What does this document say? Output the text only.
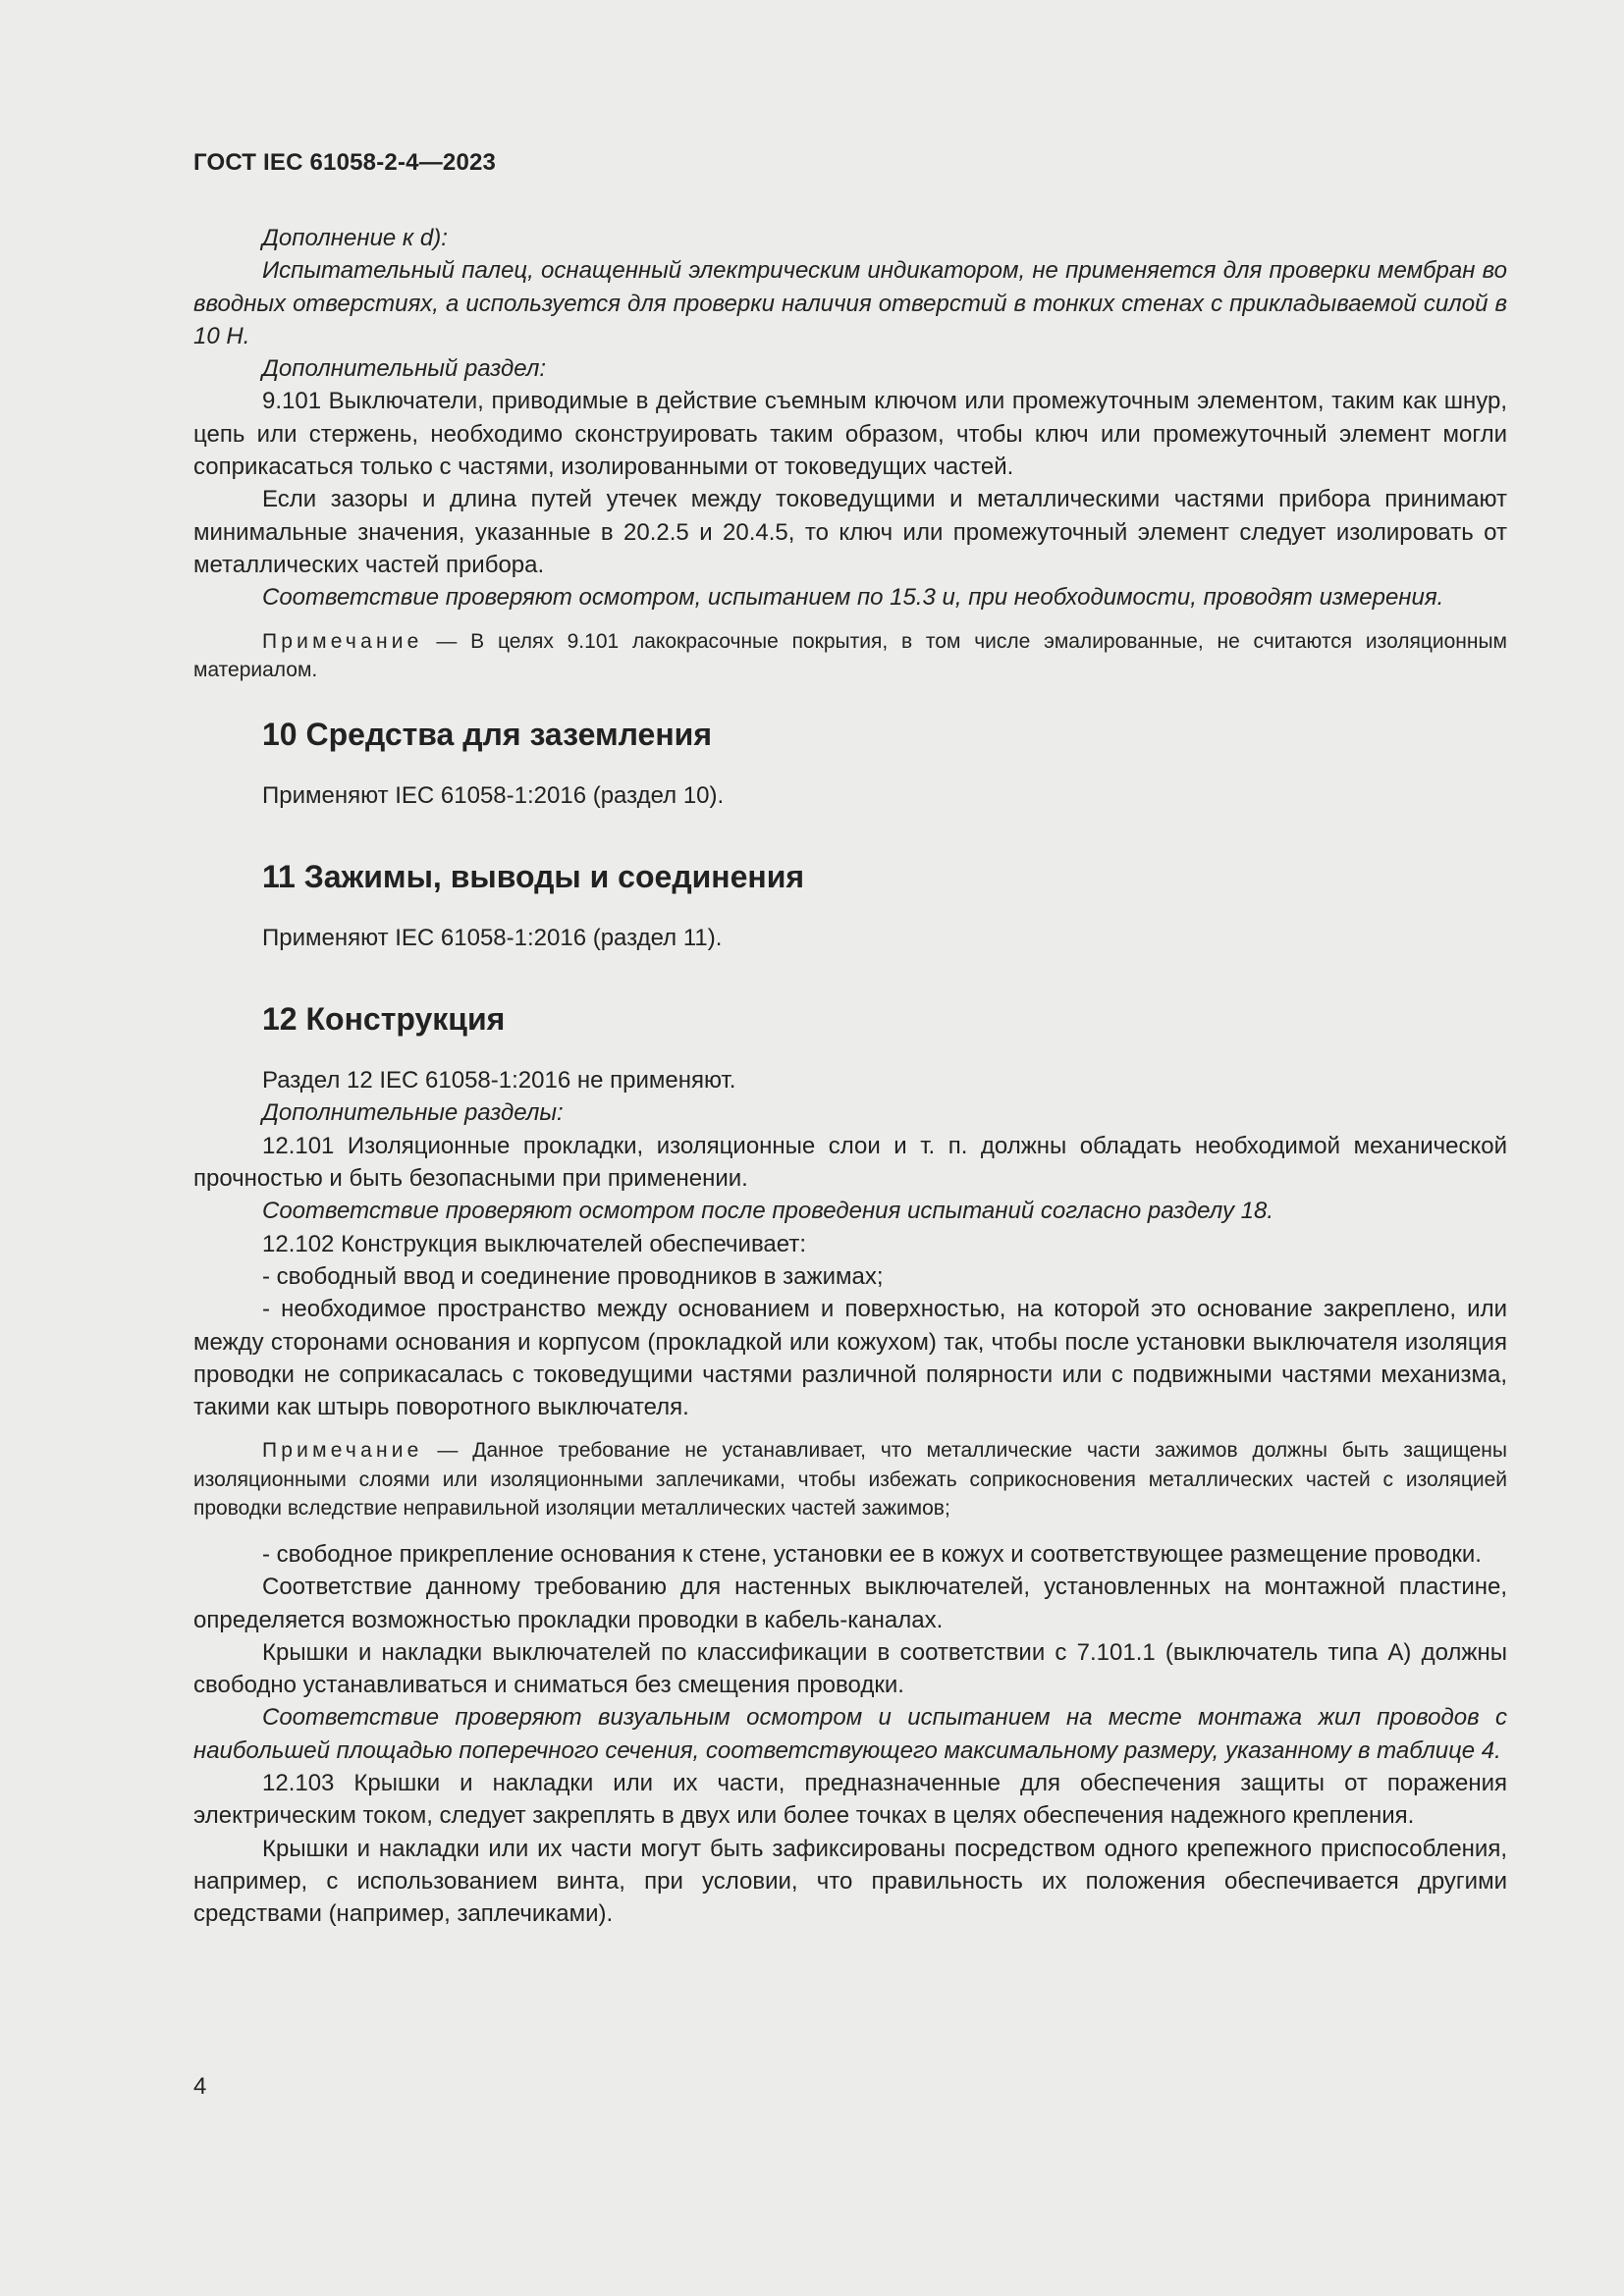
ГОСТ IEC 61058-2-4—2023

Дополнение к d):

Испытательный палец, оснащенный электрическим индикатором, не применяется для проверки мембран во вводных отверстиях, а используется для проверки наличия отверстий в тонких стенах с прикладываемой силой в 10 Н.

Дополнительный раздел:

9.101 Выключатели, приводимые в действие съемным ключом или промежуточным элементом, таким как шнур, цепь или стержень, необходимо сконструировать таким образом, чтобы ключ или промежуточный элемент могли соприкасаться только с частями, изолированными от токоведущих частей.

Если зазоры и длина путей утечек между токоведущими и металлическими частями прибора принимают минимальные значения, указанные в 20.2.5 и 20.4.5, то ключ или промежуточный элемент следует изолировать от металлических частей прибора.

Соответствие проверяют осмотром, испытанием по 15.3 и, при необходимости, проводят измерения.

Примечание — В целях 9.101 лакокрасочные покрытия, в том числе эмалированные, не считаются изоляционным материалом.
10 Средства для заземления

Применяют IEC 61058-1:2016 (раздел 10).

11 Зажимы, выводы и соединения

Применяют IEC 61058-1:2016 (раздел 11).

12 Конструкция

Раздел 12 IEC 61058-1:2016 не применяют.

Дополнительные разделы:

12.101 Изоляционные прокладки, изоляционные слои и т. п. должны обладать необходимой механической прочностью и быть безопасными при применении.

Соответствие проверяют осмотром после проведения испытаний согласно разделу 18.

12.102 Конструкция выключателей обеспечивает:

- свободный ввод и соединение проводников в зажимах;

- необходимое пространство между основанием и поверхностью, на которой это основание закреплено, или между сторонами основания и корпусом (прокладкой или кожухом) так, чтобы после установки выключателя изоляция проводки не соприкасалась с токоведущими частями различной полярности или с подвижными частями механизма, такими как штырь поворотного выключателя.

Примечание — Данное требование не устанавливает, что металлические части зажимов должны быть защищены изоляционными слоями или изоляционными заплечиками, чтобы избежать соприкосновения металлических частей с изоляцией проводки вследствие неправильной изоляции металлических частей зажимов;

- свободное прикрепление основания к стене, установки ее в кожух и соответствующее размещение проводки.

Соответствие данному требованию для настенных выключателей, установленных на монтажной пластине, определяется возможностью прокладки проводки в кабель-каналах.

Крышки и накладки выключателей по классификации в соответствии с 7.101.1 (выключатель типа А) должны свободно устанавливаться и сниматься без смещения проводки.

Соответствие проверяют визуальным осмотром и испытанием на месте монтажа жил проводов с наибольшей площадью поперечного сечения, соответствующего максимальному размеру, указанному в таблице 4.

12.103 Крышки и накладки или их части, предназначенные для обеспечения защиты от поражения электрическим током, следует закреплять в двух или более точках в целях обеспечения надежного крепления.

Крышки и накладки или их части могут быть зафиксированы посредством одного крепежного приспособления, например, с использованием винта, при условии, что правильность их положения обеспечивается другими средствами (например, заплечиками).

4
